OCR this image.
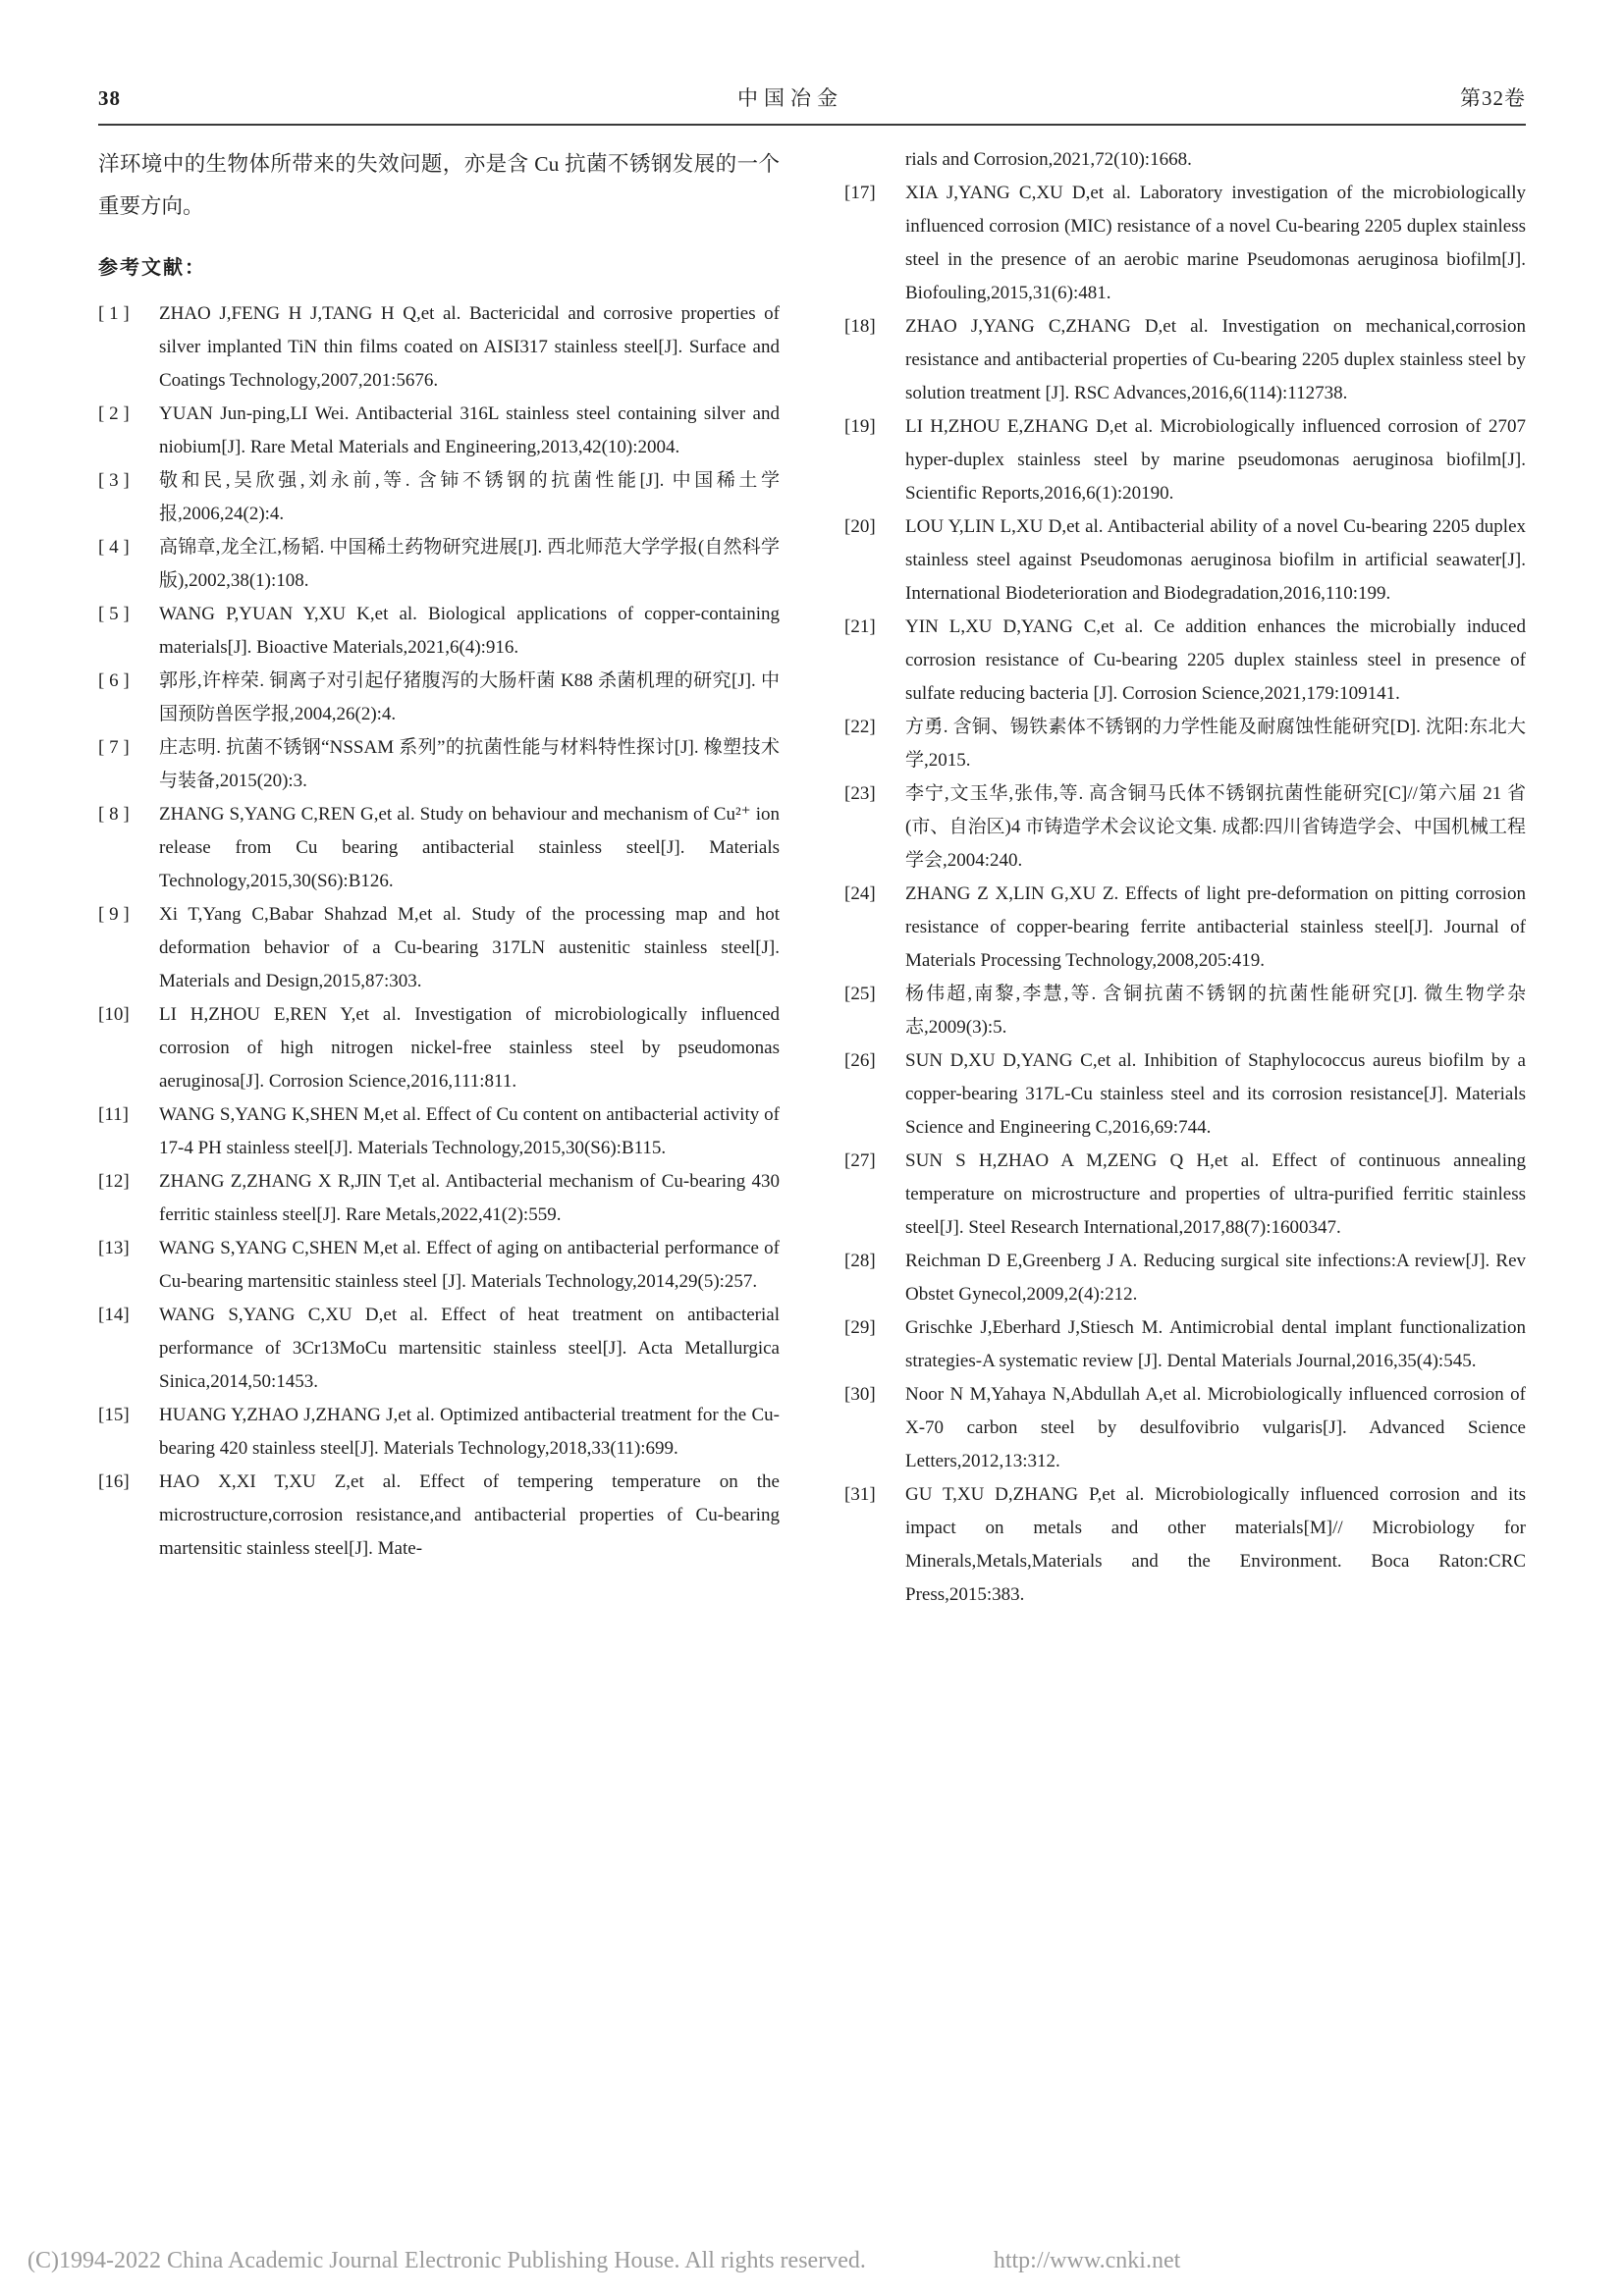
38	中国冶金	第32卷

洋环境中的生物体所带来的失效问题，亦是含 Cu 抗菌不锈钢发展的一个重要方向。

参考文献：
[ 1 ]	ZHAO J,FENG H J,TANG H Q,et al. Bactericidal and corrosive properties of silver implanted TiN thin films coated on AISI317 stainless steel[J]. Surface and Coatings Technology,2007,201:5676.
[ 2 ]	YUAN Jun-ping,LI Wei. Antibacterial 316L stainless steel containing silver and niobium[J]. Rare Metal Materials and Engineering,2013,42(10):2004.
[ 3 ]	敬和民,吴欣强,刘永前,等. 含铈不锈钢的抗菌性能[J]. 中国稀土学报,2006,24(2):4.
[ 4 ]	高锦章,龙全江,杨韬. 中国稀土药物研究进展[J]. 西北师范大学学报(自然科学版),2002,38(1):108.
[ 5 ]	WANG P,YUAN Y,XU K,et al. Biological applications of copper-containing materials[J]. Bioactive Materials,2021,6(4):916.
[ 6 ]	郭彤,许梓荣. 铜离子对引起仔猪腹泻的大肠杆菌 K88 杀菌机理的研究[J]. 中国预防兽医学报,2004,26(2):4.
[ 7 ]	庄志明. 抗菌不锈钢“NSSAM 系列”的抗菌性能与材料特性探讨[J]. 橡塑技术与装备,2015(20):3.
[ 8 ]	ZHANG S,YANG C,REN G,et al. Study on behaviour and mechanism of Cu²⁺ ion release from Cu bearing antibacterial stainless steel[J]. Materials Technology,2015,30(S6):B126.
[ 9 ]	Xi T,Yang C,Babar Shahzad M,et al. Study of the processing map and hot deformation behavior of a Cu-bearing 317LN austenitic stainless steel[J]. Materials and Design,2015,87:303.
[10]	LI H,ZHOU E,REN Y,et al. Investigation of microbiologically influenced corrosion of high nitrogen nickel-free stainless steel by pseudomonas aeruginosa[J]. Corrosion Science,2016,111:811.
[11]	WANG S,YANG K,SHEN M,et al. Effect of Cu content on antibacterial activity of 17-4 PH stainless steel[J]. Materials Technology,2015,30(S6):B115.
[12]	ZHANG Z,ZHANG X R,JIN T,et al. Antibacterial mechanism of Cu-bearing 430 ferritic stainless steel[J]. Rare Metals,2022,41(2):559.
[13]	WANG S,YANG C,SHEN M,et al. Effect of aging on antibacterial performance of Cu-bearing martensitic stainless steel [J]. Materials Technology,2014,29(5):257.
[14]	WANG S,YANG C,XU D,et al. Effect of heat treatment on antibacterial performance of 3Cr13MoCu martensitic stainless steel[J]. Acta Metallurgica Sinica,2014,50:1453.
[15]	HUANG Y,ZHAO J,ZHANG J,et al. Optimized antibacterial treatment for the Cu-bearing 420 stainless steel[J]. Materials Technology,2018,33(11):699.
[16]	HAO X,XI T,XU Z,et al. Effect of tempering temperature on the microstructure,corrosion resistance,and antibacterial properties of Cu-bearing martensitic stainless steel[J]. Mate-
rials and Corrosion,2021,72(10):1668.
[17]	XIA J,YANG C,XU D,et al. Laboratory investigation of the microbiologically influenced corrosion (MIC) resistance of a novel Cu-bearing 2205 duplex stainless steel in the presence of an aerobic marine Pseudomonas aeruginosa biofilm[J]. Biofouling,2015,31(6):481.
[18]	ZHAO J,YANG C,ZHANG D,et al. Investigation on mechanical,corrosion resistance and antibacterial properties of Cu-bearing 2205 duplex stainless steel by solution treatment [J]. RSC Advances,2016,6(114):112738.
[19]	LI H,ZHOU E,ZHANG D,et al. Microbiologically influenced corrosion of 2707 hyper-duplex stainless steel by marine pseudomonas aeruginosa biofilm[J]. Scientific Reports,2016,6(1):20190.
[20]	LOU Y,LIN L,XU D,et al. Antibacterial ability of a novel Cu-bearing 2205 duplex stainless steel against Pseudomonas aeruginosa biofilm in artificial seawater[J]. International Biodeterioration and Biodegradation,2016,110:199.
[21]	YIN L,XU D,YANG C,et al. Ce addition enhances the microbially induced corrosion resistance of Cu-bearing 2205 duplex stainless steel in presence of sulfate reducing bacteria [J]. Corrosion Science,2021,179:109141.
[22]	方勇. 含铜、锡铁素体不锈钢的力学性能及耐腐蚀性能研究[D]. 沈阳:东北大学,2015.
[23]	李宁,文玉华,张伟,等. 高含铜马氏体不锈钢抗菌性能研究[C]//第六届 21 省(市、自治区)4 市铸造学术会议论文集. 成都:四川省铸造学会、中国机械工程学会,2004:240.
[24]	ZHANG Z X,LIN G,XU Z. Effects of light pre-deformation on pitting corrosion resistance of copper-bearing ferrite antibacterial stainless steel[J]. Journal of Materials Processing Technology,2008,205:419.
[25]	杨伟超,南黎,李慧,等. 含铜抗菌不锈钢的抗菌性能研究[J]. 微生物学杂志,2009(3):5.
[26]	SUN D,XU D,YANG C,et al. Inhibition of Staphylococcus aureus biofilm by a copper-bearing 317L-Cu stainless steel and its corrosion resistance[J]. Materials Science and Engineering C,2016,69:744.
[27]	SUN S H,ZHAO A M,ZENG Q H,et al. Effect of continuous annealing temperature on microstructure and properties of ultra-purified ferritic stainless steel[J]. Steel Research International,2017,88(7):1600347.
[28]	Reichman D E,Greenberg J A. Reducing surgical site infections:A review[J]. Rev Obstet Gynecol,2009,2(4):212.
[29]	Grischke J,Eberhard J,Stiesch M. Antimicrobial dental implant functionalization strategies-A systematic review [J]. Dental Materials Journal,2016,35(4):545.
[30]	Noor N M,Yahaya N,Abdullah A,et al. Microbiologically influenced corrosion of X-70 carbon steel by desulfovibrio vulgaris[J]. Advanced Science Letters,2012,13:312.
[31]	GU T,XU D,ZHANG P,et al. Microbiologically influenced corrosion and its impact on metals and other materials[M]// Microbiology for Minerals,Metals,Materials and the Environment. Boca Raton:CRC Press,2015:383.
(C)1994-2022 China Academic Journal Electronic Publishing House. All rights reserved.	http://www.cnki.net
